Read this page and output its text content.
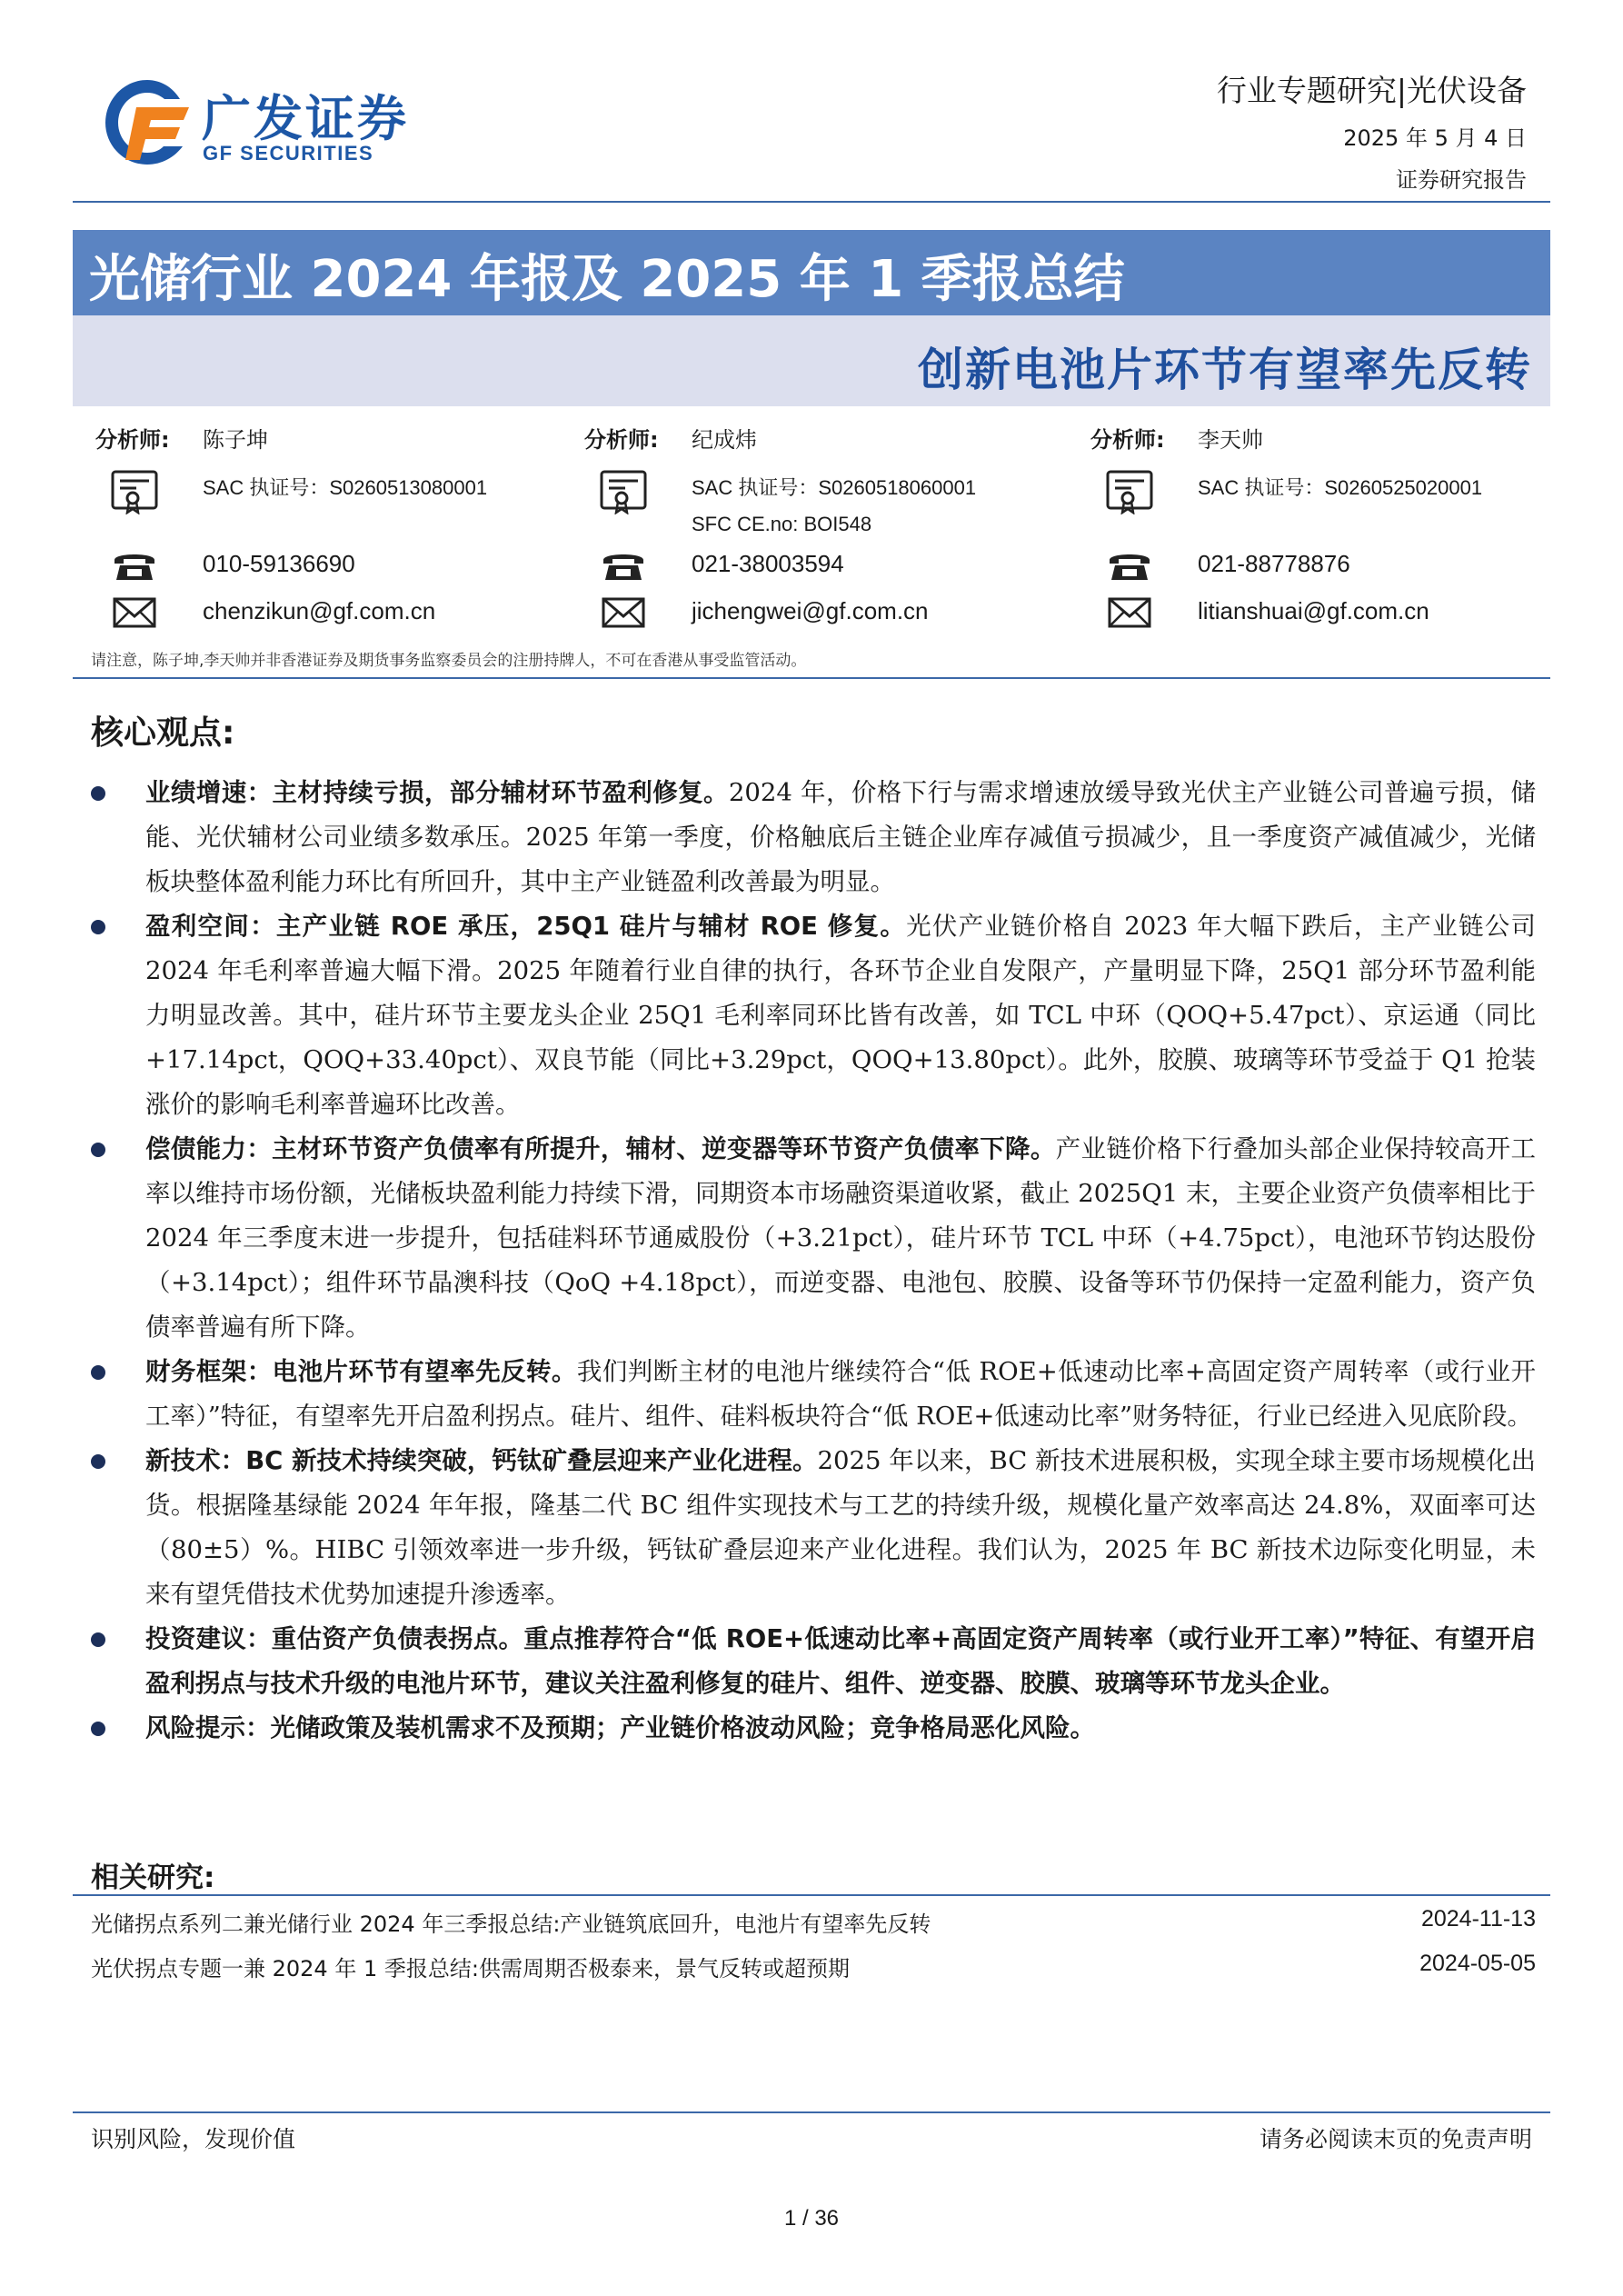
广发证券
GF SECURITIES
行业专题研究|光伏设备
2025 年 5 月 4 日
证券研究报告
光储行业 2024 年报及 2025 年 1 季报总结
创新电池片环节有望率先反转
分析师: 陈子坤
SAC 执证号：S0260513080001
010-59136690
chenzikun@gf.com.cn
分析师: 纪成炜
SAC 执证号：S0260518060001
SFC CE.no: BOI548
021-38003594
jichengwei@gf.com.cn
分析师: 李天帅
SAC 执证号：S0260525020001
021-88778876
litianshuai@gf.com.cn
请注意，陈子坤,李天帅并非香港证券及期货事务监察委员会的注册持牌人，不可在香港从事受监管活动。
核心观点:
业绩增速：主材持续亏损，部分辅材环节盈利修复。2024 年，价格下行与需求增速放缓导致光伏主产业链公司普遍亏损，储能、光伏辅材公司业绩多数承压。2025 年第一季度，价格触底后主链企业库存减值亏损减少，且一季度资产减值减少，光储板块整体盈利能力环比有所回升，其中主产业链盈利改善最为明显。
盈利空间：主产业链 ROE 承压，25Q1 硅片与辅材 ROE 修复。光伏产业链价格自 2023 年大幅下跌后，主产业链公司 2024 年毛利率普遍大幅下滑。2025 年随着行业自律的执行，各环节企业自发限产，产量明显下降，25Q1 部分环节盈利能力明显改善。其中，硅片环节主要龙头企业 25Q1 毛利率同环比皆有改善，如 TCL 中环（QOQ+5.47pct）、京运通（同比+17.14pct，QOQ+33.40pct）、双良节能（同比+3.29pct，QOQ+13.80pct）。此外，胶膜、玻璃等环节受益于 Q1 抢装涨价的影响毛利率普遍环比改善。
偿债能力：主材环节资产负债率有所提升，辅材、逆变器等环节资产负债率下降。产业链价格下行叠加头部企业保持较高开工率以维持市场份额，光储板块盈利能力持续下滑，同期资本市场融资渠道收紧，截止 2025Q1 末，主要企业资产负债率相比于 2024 年三季度末进一步提升，包括硅料环节通威股份（+3.21pct），硅片环节 TCL 中环（+4.75pct），电池环节钧达股份（+3.14pct）；组件环节晶澳科技（QoQ +4.18pct），而逆变器、电池包、胶膜、设备等环节仍保持一定盈利能力，资产负债率普遍有所下降。
财务框架：电池片环节有望率先反转。我们判断主材的电池片继续符合“低 ROE+低速动比率+高固定资产周转率（或行业开工率）”特征，有望率先开启盈利拐点。硅片、组件、硅料板块符合“低 ROE+低速动比率”财务特征，行业已经进入见底阶段。
新技术：BC 新技术持续突破，钙钛矿叠层迎来产业化进程。2025 年以来，BC 新技术进展积极，实现全球主要市场规模化出货。根据隆基绿能 2024 年年报，隆基二代 BC 组件实现技术与工艺的持续升级，规模化量产效率高达 24.8%，双面率可达（80±5）%。HIBC 引领效率进一步升级，钙钛矿叠层迎来产业化进程。我们认为，2025 年 BC 新技术边际变化明显，未来有望凭借技术优势加速提升渗透率。
投资建议：重估资产负债表拐点。重点推荐符合“低 ROE+低速动比率+高固定资产周转率（或行业开工率）”特征、有望开启盈利拐点与技术升级的电池片环节，建议关注盈利修复的硅片、组件、逆变器、胶膜、玻璃等环节龙头企业。
风险提示：光储政策及装机需求不及预期；产业链价格波动风险；竞争格局恶化风险。
相关研究:
光储拐点系列二兼光储行业 2024 年三季报总结:产业链筑底回升，电池片有望率先反转	2024-11-13
光伏拐点专题一兼 2024 年 1 季报总结:供需周期否极泰来，景气反转或超预期	2024-05-05
识别风险，发现价值	请务必阅读末页的免责声明
1 / 36
